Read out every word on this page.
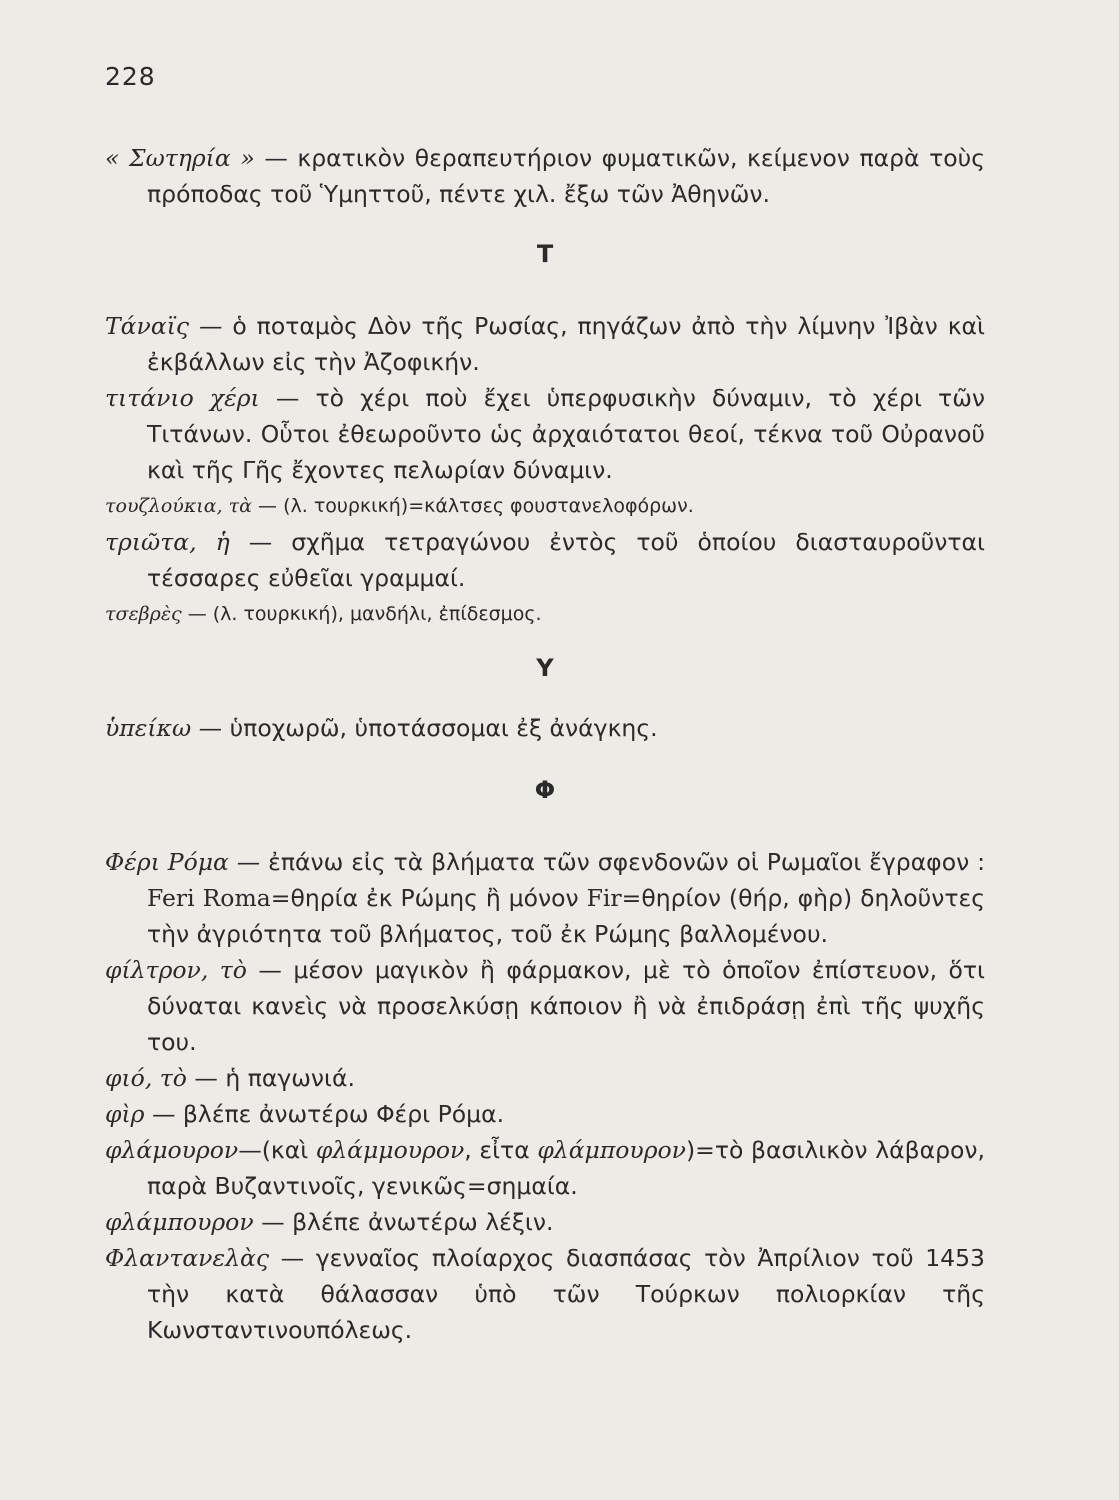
228

« Σωτηρία » — κρατικὸν θεραπευτήριον φυματικῶν, κείμενον παρὰ τοὺς πρόποδας τοῦ Ὑμηττοῦ, πέντε χιλ. ἔξω τῶν Ἀθηνῶν.

Τ

Τάναϊς — ὁ ποταμὸς Δὸν τῆς Ρωσίας, πηγάζων ἀπὸ τὴν λίμνην Ἰβὰν καὶ ἐκβάλλων εἰς τὴν Ἀζοφικήν.

τιτάνιο χέρι — τὸ χέρι ποὺ ἔχει ὑπερφυσικὴν δύναμιν, τὸ χέρι τῶν Τιτάνων. Οὗτοι ἐθεωροῦντο ὡς ἀρχαιότατοι θεοί, τέκνα τοῦ Οὐρανοῦ καὶ τῆς Γῆς ἔχοντες πελωρίαν δύναμιν.

τουζλούκια, τὰ — (λ. τουρκική)=κάλτσες φουστανελοφόρων.

τριῶτα, ἡ — σχῆμα τετραγώνου ἐντὸς τοῦ ὁποίου διασταυροῦνται τέσσαρες εὐθεῖαι γραμμαί.

τσεβρὲς — (λ. τουρκική), μανδήλι, ἐπίδεσμος.

Υ

ὑπείκω — ὑποχωρῶ, ὑποτάσσομαι ἐξ ἀνάγκης.

Φ

Φέρι Ρόμα — ἐπάνω εἰς τὰ βλήματα τῶν σφενδονῶν οἱ Ρωμαῖοι ἔγραφον : Feri Roma=θηρία ἐκ Ρώμης ἢ μόνον Fir=θηρίον (θήρ, φὴρ) δηλοῦντες τὴν ἀγριότητα τοῦ βλήματος, τοῦ ἐκ Ρώμης βαλλομένου.

φίλτρον, τὸ — μέσον μαγικὸν ἢ φάρμακον, μὲ τὸ ὁποῖον ἐπίστευον, ὅτι δύναται κανεὶς νὰ προσελκύσῃ κάποιον ἢ νὰ ἐπιδράσῃ ἐπὶ τῆς ψυχῆς του.

φιό, τὸ — ἡ παγωνιά.

φὶρ — βλέπε ἀνωτέρω Φέρι Ρόμα.

φλάμουρον—(καὶ φλάμμουρον, εἶτα φλάμπουρον)=τὸ βασιλικὸν λάβαρον, παρὰ Βυζαντινοῖς, γενικῶς=σημαία.

φλάμπουρον — βλέπε ἀνωτέρω λέξιν.

Φλαντανελὰς — γενναῖος πλοίαρχος διασπάσας τὸν Ἀπρίλιον τοῦ 1453 τὴν κατὰ θάλασσαν ὑπὸ τῶν Τούρκων πολιορκίαν τῆς Κωνσταντινουπόλεως.
